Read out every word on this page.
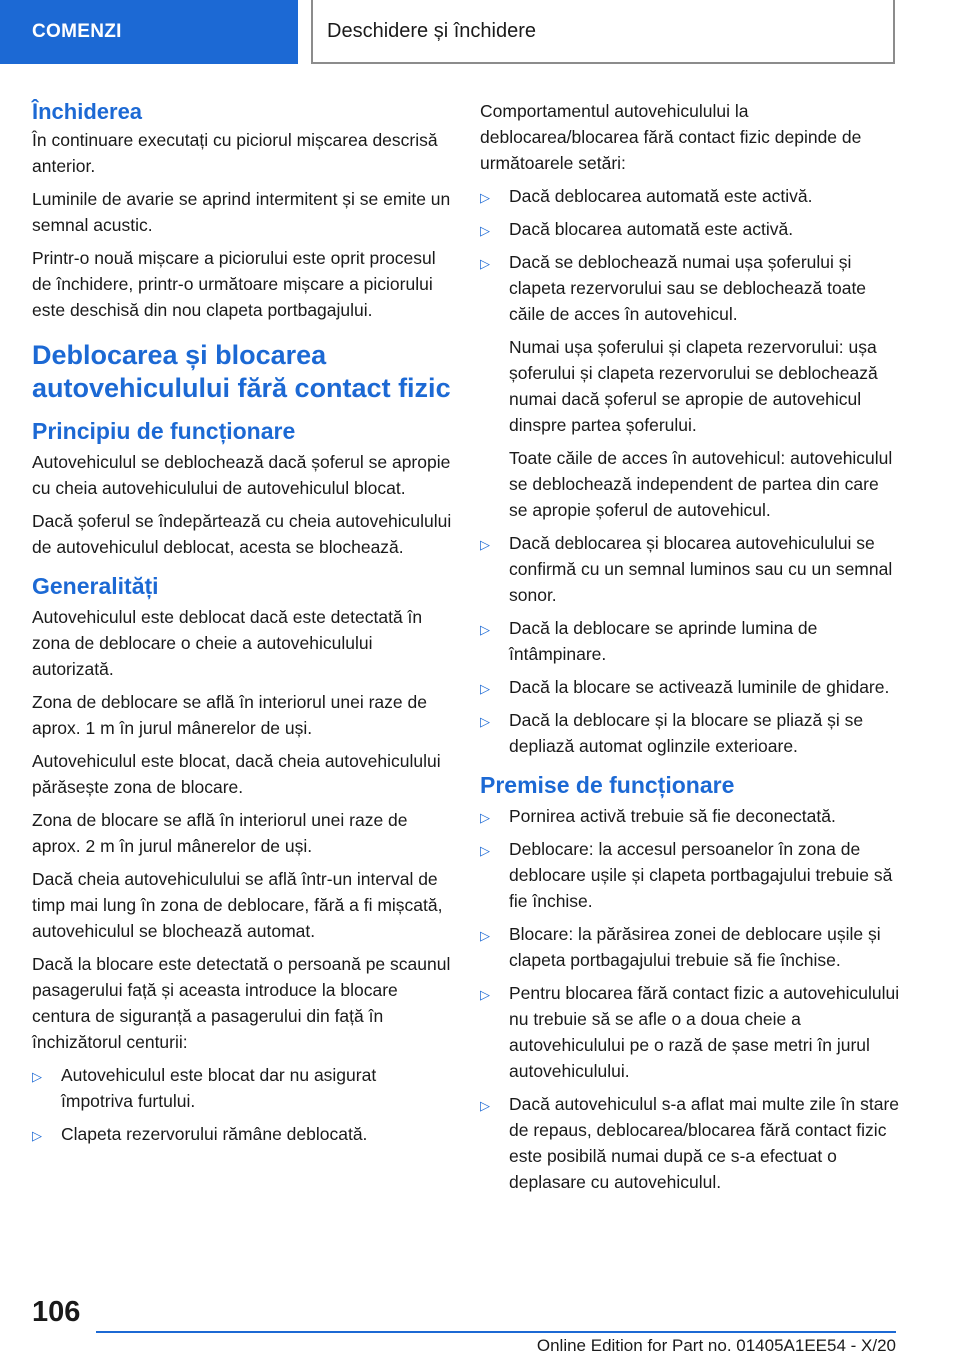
COMENZI	Deschidere și închidere
Închiderea

În continuare executați cu piciorul mișcarea descrisă anterior.

Luminile de avarie se aprind intermitent și se emite un semnal acustic.

Printr-o nouă mișcare a piciorului este oprit procesul de închidere, printr-o următoare mișcare a piciorului este deschisă din nou clapeta portbagajului.

Deblocarea și blocarea autovehiculului fără contact fizic
Principiu de funcționare

Autovehiculul se deblochează dacă șoferul se apropie cu cheia autovehiculului de autovehiculul blocat.

Dacă șoferul se îndepărtează cu cheia autovehiculului de autovehiculul deblocat, acesta se blochează.

Generalități

Autovehiculul este deblocat dacă este detectată în zona de deblocare o cheie a autovehiculului autorizată.

Zona de deblocare se află în interiorul unei raze de aprox. 1 m în jurul mânerelor de uși.

Autovehiculul este blocat, dacă cheia autovehiculului părăsește zona de blocare.

Zona de blocare se află în interiorul unei raze de aprox. 2 m în jurul mânerelor de uși.

Dacă cheia autovehiculului se află într-un interval de timp mai lung în zona de deblocare, fără a fi mișcată, autovehiculul se blochează automat.

Dacă la blocare este detectată o persoană pe scaunul pasagerului față și aceasta introduce la blocare centura de siguranță a pasagerului din față în închizătorul centurii:

▷ Autovehiculul este blocat dar nu asigurat împotriva furtului.
▷ Clapeta rezervorului rămâne deblocată.

Comportamentul autovehiculului la deblocarea/blocarea fără contact fizic depinde de următoarele setări:

▷ Dacă deblocarea automată este activă.
▷ Dacă blocarea automată este activă.
▷ Dacă se deblochează numai ușa șoferului și clapeta rezervorului sau se deblochează toate căile de acces în autovehicul.
Numai ușa șoferului și clapeta rezervorului: ușa șoferului și clapeta rezervorului se deblochează numai dacă șoferul se apropie de autovehicul dinspre partea șoferului.
Toate căile de acces în autovehicul: autovehiculul se deblochează independent de partea din care se apropie șoferul de autovehicul.
▷ Dacă deblocarea și blocarea autovehiculului se confirmă cu un semnal luminos sau cu un semnal sonor.
▷ Dacă la deblocare se aprinde lumina de întâmpinare.
▷ Dacă la blocare se activează luminile de ghidare.
▷ Dacă la deblocare și la blocare se pliază și se depliază automat oglinzile exterioare.
Premise de funcționare
▷ Pornirea activă trebuie să fie deconectată.
▷ Deblocare: la accesul persoanelor în zona de deblocare ușile și clapeta portbagajului trebuie să fie închise.
▷ Blocare: la părăsirea zonei de deblocare ușile și clapeta portbagajului trebuie să fie închise.
▷ Pentru blocarea fără contact fizic a autovehiculului nu trebuie să se afle o a doua cheie a autovehiculului pe o rază de șase metri în jurul autovehiculului.
▷ Dacă autovehiculul s-a aflat mai multe zile în stare de repaus, deblocarea/blocarea fără contact fizic este posibilă numai după ce s-a efectuat o deplasare cu autovehiculul.
106
Online Edition for Part no. 01405A1EE54 - X/20
